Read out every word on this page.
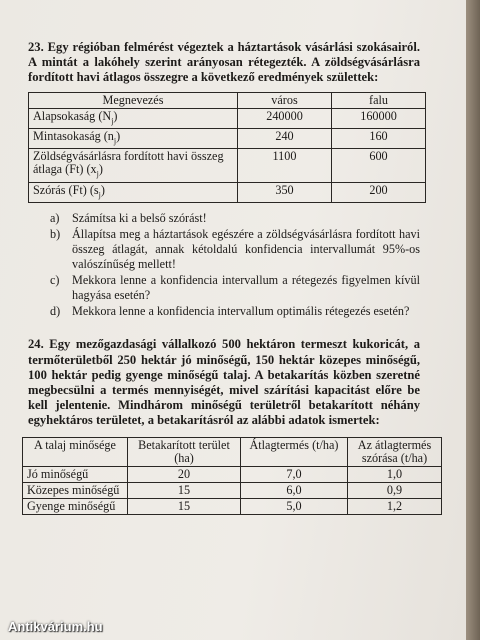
23. Egy régióban felmérést végeztek a háztartások vásárlási szokásairól. A mintát a lakóhely szerint arányosan rétegezték. A zöldségvásárlásra fordított havi átlagos összegre a következő eredmények születtek:

Megnevezés	város	falu
Alapsokaság $(N_j)$	240000	160000
Mintasokaság $(n_j)$	240	160
Zöldségvásárlásra fordított havi összeg átlaga (Ft) $(x_j)$	1100	600
Szórás (Ft) $(s_j)$	350	200
a) Számítsa ki a belső szórást!
b) Állapítsa meg a háztartások egészére a zöldségvásárlásra fordított havi összeg átlagát, annak kétoldalú konfidencia intervallumát 95%-os valószínűség mellett!
c) Mekkora lenne a konfidencia intervallum a rétegezés figyelmen kívül hagyása esetén?
d) Mekkora lenne a konfidencia intervallum optimális rétegezés esetén?

24. Egy mezőgazdasági vállalkozó 500 hektáron termeszt kukoricát, a termőterületből 250 hektár jó minőségű, 150 hektár közepes minőségű, 100 hektár pedig gyenge minőségű talaj. A betakarítás közben szeretné megbecsülni a termés mennyiségét, mivel szárítási kapacitást előre be kell jelentenie. Mindhárom minőségű területről betakarított néhány egyhektáros területet, a betakarításról az alábbi adatok ismertek:

A talaj minősége	Betakarított terület (ha)	Átlagtermés (t/ha)	Az átlagtermés szórása (t/ha)
Jó minőségű	20	7,0	1,0
Közepes minőségű	15	6,0	0,9
Gyenge minőségű	15	5,0	1,2
Antikvárium.hu
